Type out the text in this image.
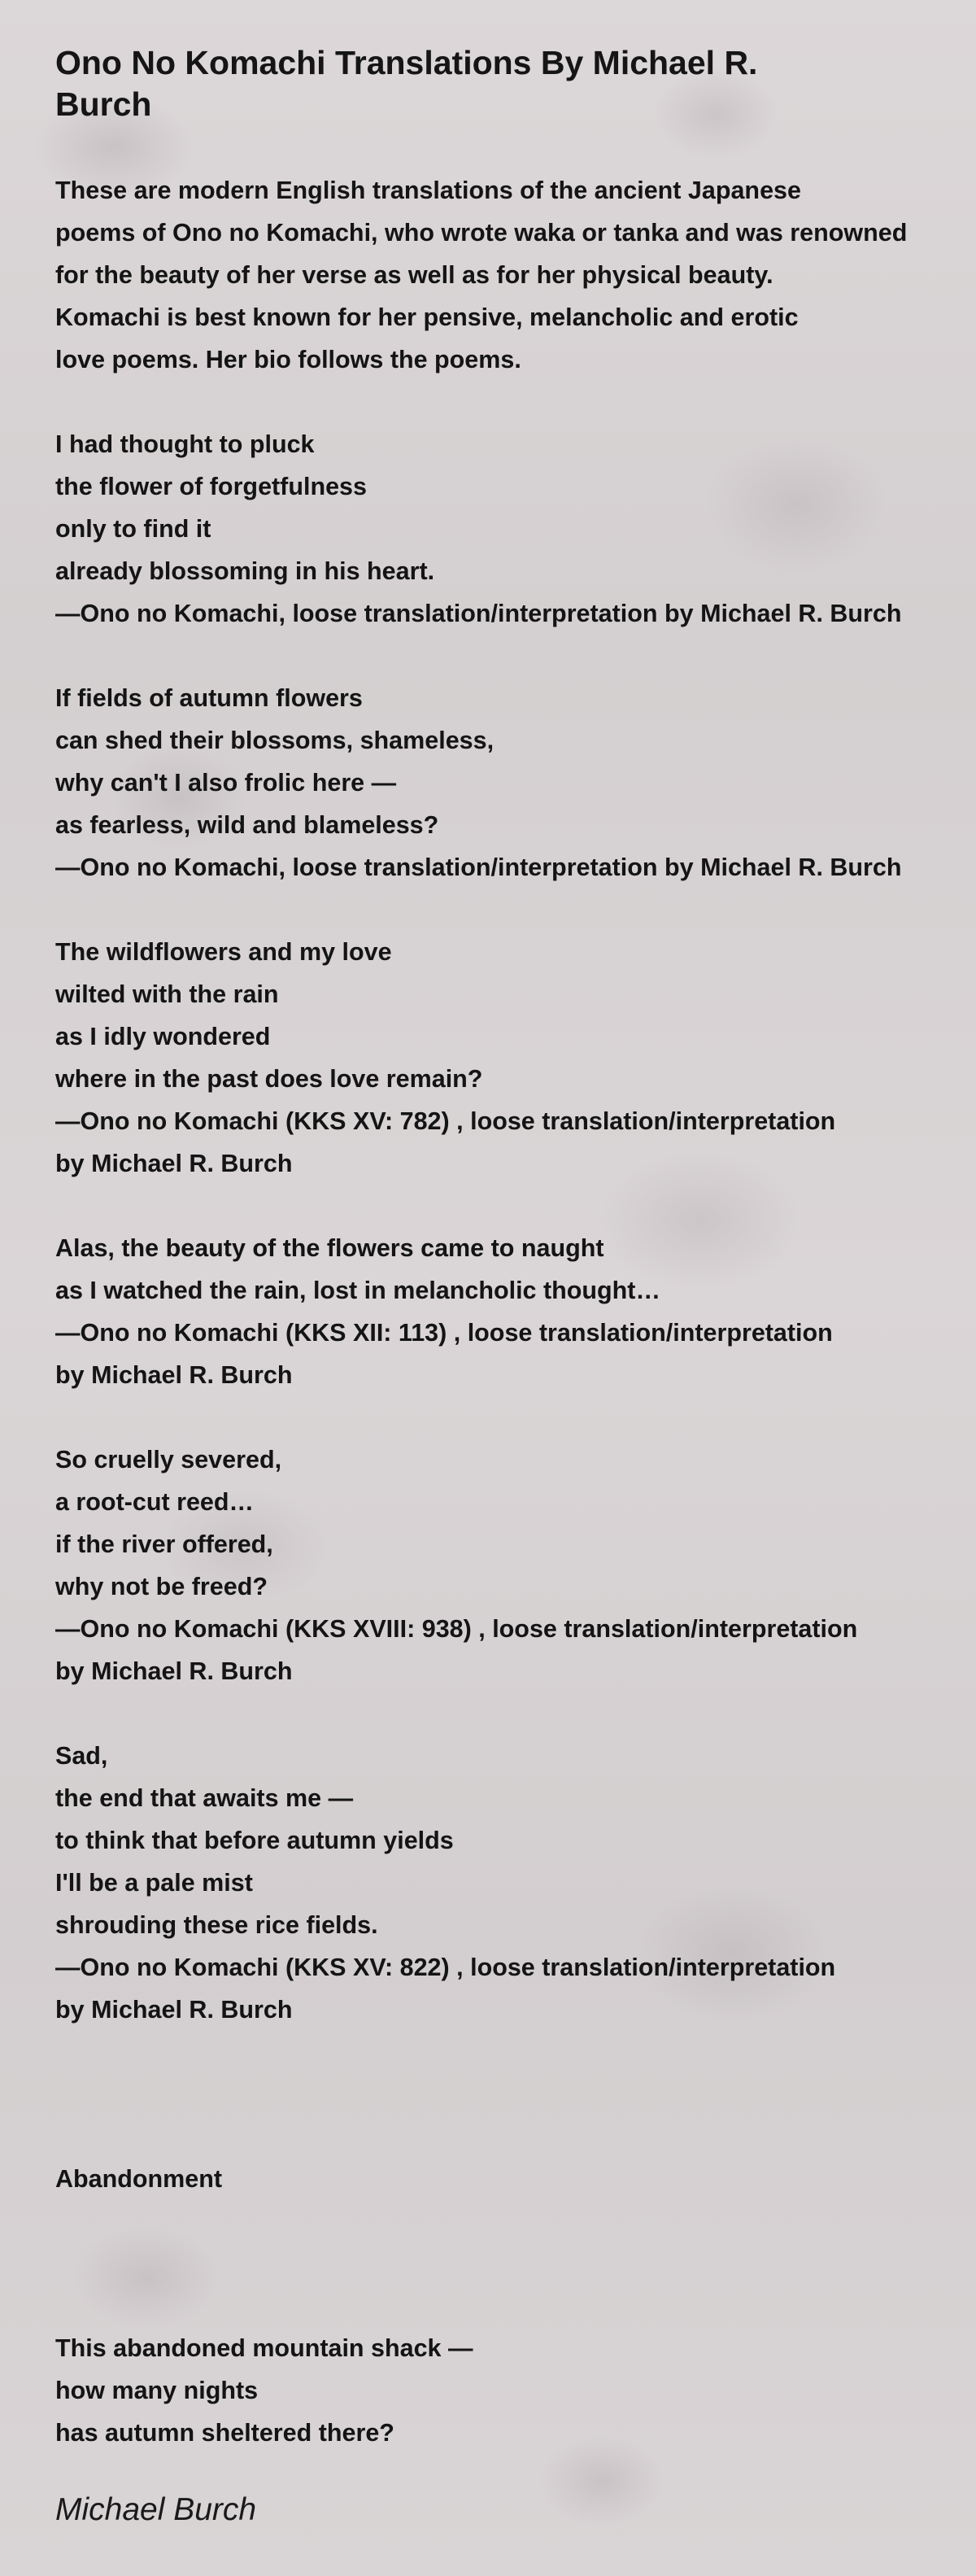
Ono No Komachi Translations By Michael R. Burch
These are modern English translations of the ancient Japanese
poems of Ono no Komachi, who wrote waka or tanka and was renowned
for the beauty of her verse as well as for her physical beauty.
Komachi is best known for her pensive, melancholic and erotic
love poems. Her bio follows the poems.
I had thought to pluck
the flower of forgetfulness
only to find it
already blossoming in his heart.
—Ono no Komachi, loose translation/interpretation by Michael R. Burch
If fields of autumn flowers
can shed their blossoms, shameless,
why can't I also frolic here —
as fearless, wild and blameless?
—Ono no Komachi, loose translation/interpretation by Michael R. Burch
The wildflowers and my love
wilted with the rain
as I idly wondered
where in the past does love remain?
—Ono no Komachi (KKS XV: 782) , loose translation/interpretation
by Michael R. Burch
Alas, the beauty of the flowers came to naught
as I watched the rain, lost in melancholic thought…
—Ono no Komachi (KKS XII: 113) , loose translation/interpretation
by Michael R. Burch
So cruelly severed,
a root-cut reed…
if the river offered,
why not be freed?
—Ono no Komachi (KKS XVIII: 938) , loose translation/interpretation
by Michael R. Burch
Sad,
the end that awaits me —
to think that before autumn yields
I'll be a pale mist
shrouding these rice fields.
—Ono no Komachi (KKS XV: 822) , loose translation/interpretation
by Michael R. Burch
Abandonment
This abandoned mountain shack —
how many nights
has autumn sheltered there?
Michael Burch
